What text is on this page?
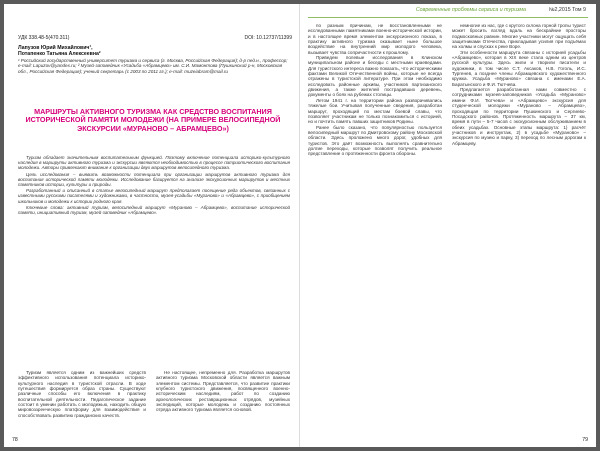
УДК 338.48-5(470.311)	DOI: 10.12737/11399
Лапузов Юрий Михайлович¹,
Потапенко Татьяна Алексеевна²
¹ Российский государственный университет туризма и сервиса (г. Москва, Российская Федерация); д-р пед.н., профессор; e-mail: Lapuzov@yandex.ru; ² Музей-заповедник «Усадьба «Абрамцево» им. С.И. Мамонтова (Пушкинский р-н, Московская обл., Российская Федерация); ученый секретарь (с 2003 по 2011 гг.); e-mail: muzeiabram@mail.ru
МАРШРУТЫ АКТИВНОГО ТУРИЗМА КАК СРЕДСТВО ВОСПИТАНИЯ ИСТОРИЧЕСКОЙ ПАМЯТИ МОЛОДЕЖИ (НА ПРИМЕРЕ ВЕЛОСИПЕДНОЙ ЭКСКУРСИИ «МУРАНОВО – АБРАМЦЕВО»)

Туризм обладает значительным воспитательным функцией. Поэтому включение потенциала историко-культурного наследия в маршруты активного туризма и экскурсии являются необходимостью в процессе патриотического воспитания молодежи. Авторы привлекают внимание к организации двух маршрутов велосипедного туризма.

Цель исследования – выявить возможности потенциала при организации маршрутов активного туризма для воспитания исторической памяти молодежи. Исследование базируется на анализе экскурсионных маршрутов и местных памятников истории, культуры и природы.

Разработанный и описанный в статье велосипедный маршрут предполагает посещение ряда объектов, связанных с известными русскими писателями и художниками, в частности, музея-усадьбы «Мураново» и «Абрамцево», с приобщением школьников и молодежи к истории родного края.

Ключевые слова: активный туризм, велосипедный маршрут «Мураново – Абрамцево», воспитание исторической памяти, инициативный туризм, музей-заповедник «Абрамцево».

Туризм является одним из важнейших средств эффективного использования потенциала историко-культурного наследия в туристской отрасли. В ходе путешествия формируется образ страны. Существуют различные способы его включения в практику воспитательной деятельности. Педагогическое задание состоит в умении работать с молодежью, находить общую мировоззренческую платформу для взаимодействия и способствовать развитию гражданских качеств.

Не настоящее, непременно для. Разработка маршрутов активного туризма Московской области является важным элементом системы. Представляется, что развитие практики клубного туристского движения, посвященного военно-историческим наследиям, работ по созданию археологических реставрационных отрядов, музейных экспедиций, которые молодежь и созданию постоянных отряда активного туризма является основой.

78
Современные проблемы сервиса и туризма	№2,2015 Том 9

по разным причинам, не восстановленными не исследованными памятниками военно-исторической истории, и в настоящее время элементом экскурсионного показа, в практику активного туризма оказывает ныне большое воздействие на внутренний мир молодого человека, вызывает чувства сопричастности к прошлому.

Приведем полевые исследования в Клинском муниципальном районе и беседы с местными краеведами. Для туристского интереса важно показать, что историческими фактами Великой Отечественной войны, которые не всегда отражены в туристской литературе. При этом необходимо исследовать районные архивы, участников партизанского движения, а также жителей пострадавших деревень, документы о боях на рубежах столицы.

Летом 1941 г. на территории района разворачивались тяжелые бои. Учитывая полученные сведения, разработан маршрут, проходящий по местам боевой славы, что позволяет участникам не только познакомиться с историей, но и почтить память павших защитников Родины.

Ранее было сказано, что популярностью пользуется велосипедный маршрут по Дмитровскому району Московской области. Здесь проложено много дорог, удобных для туристов. Это даёт возможность выполнять сравнительно долгие переходы, которые позволят получить реальное представление о протяженности фронта обороны.

немногие из нас, где с крутого склона горной тропы турист может бросить взгляд вдаль на бескрайние просторы подмосковных равнин. Многие участники могут ощущать себя защитниками Отечества, прикладывая усилия при подъёмах на холмы и спусках к реке Воре.

Эти особенности маршрута связаны с историей усадьбы «Абрамцево», которая в XIX веке стала одним из центров русской культуры. Здесь жили и творили писатели и художники, в том числе С.Т. Аксаков, Н.В. Гоголь, И.С. Тургенев, а позднее члены Абрамцевского художественного кружка. Усадьба «Мураново» связана с именами Е.А. Баратынского и Ф.И. Тютчева.

Предлагается разработанная нами совместно с сотрудниками музеев-заповедников «Усадьба «Мураново» имени Ф.И. Тютчева» и «Абрамцево» экскурсия для студенческой молодежи «Мураново – Абрамцево», проходящая по территории Пушкинского и Сергиево-Посадского районов. Протяженность маршрута – 37 км, время в пути – 5-7 часов с экскурсионным обслуживанием в обеих усадьбах. Основные этапы маршрута: 1) расчёт участников и инструктаж, 2) в усадьбе «Мураново» – экскурсия по музею и парку, 3) переход по лесным дорогам к Абрамцеву.

79
